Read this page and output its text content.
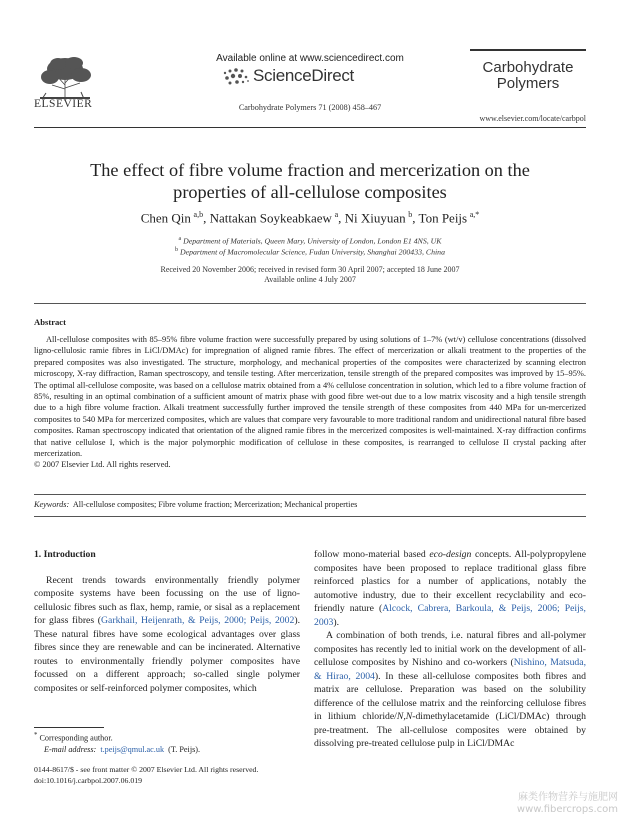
ELSEVIER
Available online at www.sciencedirect.com
ScienceDirect
Carbohydrate Polymers 71 (2008) 458–467
Carbohydrate
Polymers
www.elsevier.com/locate/carbpol
The effect of fibre volume fraction and mercerization on the
properties of all-cellulose composites
Chen Qin  $^{a,b}$, Nattakan Soykeabkaew  $^a$, Ni Xiuyuan  $^b$, Ton Peijs  $^{a,*}$
$^a$ Department of Materials, Queen Mary, University of London, London E1 4NS, UK
$^b$ Department of Macromolecular Science, Fudan University, Shanghai 200433, China
Received 20 November 2006; received in revised form 30 April 2007; accepted 18 June 2007
Available online 4 July 2007
Abstract
All-cellulose composites with 85–95% fibre volume fraction were successfully prepared by using solutions of 1–7% (wt/v) cellulose concentrations (dissolved ligno-cellulosic ramie fibres in LiCl/DMAc) for impregnation of aligned ramie fibres. The effect of mercerization or alkali treatment to the properties of the prepared composites was also investigated. The structure, morphology, and mechanical properties of the composites were characterized by scanning electron microscopy, X-ray diffraction, Raman spectroscopy, and tensile testing. After mercerization, tensile strength of the prepared composites was improved by 15–95%. The optimal all-cellulose composite, was based on a cellulose matrix obtained from a 4% cellulose concentration in solution, which led to a fibre volume fraction of 85%, resulting in an optimal combination of a sufficient amount of matrix phase with good fibre wet-out due to a low matrix viscosity and a high tensile strength due to a high fibre volume fraction. Alkali treatment successfully further improved the tensile strength of these composites from 440 MPa for un-mercerized composites to 540 MPa for mercerized composites, which are values that compare very favourable to more traditional random and unidirectional natural fibre based composites. Raman spectroscopy indicated that orientation of the aligned ramie fibres in the mercerized composites is well-maintained. X-ray diffraction confirms that native cellulose I, which is the major polymorphic modification of cellulose in these composites, is rearranged to cellulose II crystal packing after mercerization.
© 2007 Elsevier Ltd. All rights reserved.
Keywords: All-cellulose composites; Fibre volume fraction; Mercerization; Mechanical properties
1. Introduction

Recent trends towards environmentally friendly polymer composite systems have been focussing on the use of ligno-cellulosic fibres such as flax, hemp, ramie, or sisal as a replacement for glass fibres (Garkhail, Heijenrath, & Peijs, 2000; Peijs, 2002). These natural fibres have some ecological advantages over glass fibres since they are renewable and can be incinerated. Alternative routes to environmentally friendly polymer composites have focussed on a different approach; so-called single polymer composites or self-reinforced polymer composites, which

follow mono-material based eco-design concepts. All-polypropylene composites have been proposed to replace traditional glass fibre reinforced plastics for a number of applications, notably the automotive industry, due to their excellent recyclability and eco-friendly nature (Alcock, Cabrera, Barkoula, & Peijs, 2006; Peijs, 2003).

A combination of both trends, i.e. natural fibres and all-polymer composites has recently led to initial work on the development of all-cellulose composites by Nishino and co-workers (Nishino, Matsuda, & Hirao, 2004). In these all-cellulose composites both fibres and matrix are cellulose. Preparation was based on the solubility difference of the cellulose matrix and the reinforcing cellulose fibres in lithium chloride/N,N-dimethylacetamide (LiCl/DMAc) through pre-treatment. The all-cellulose composites were obtained by dissolving pre-treated cellulose pulp in LiCl/DMAc

* Corresponding author.
E-mail address: t.peijs@qmul.ac.uk (T. Peijs).
0144-8617/$ - see front matter © 2007 Elsevier Ltd. All rights reserved.
doi:10.1016/j.carbpol.2007.06.019
麻类作物营养与施肥网
www.fibercrops.com
